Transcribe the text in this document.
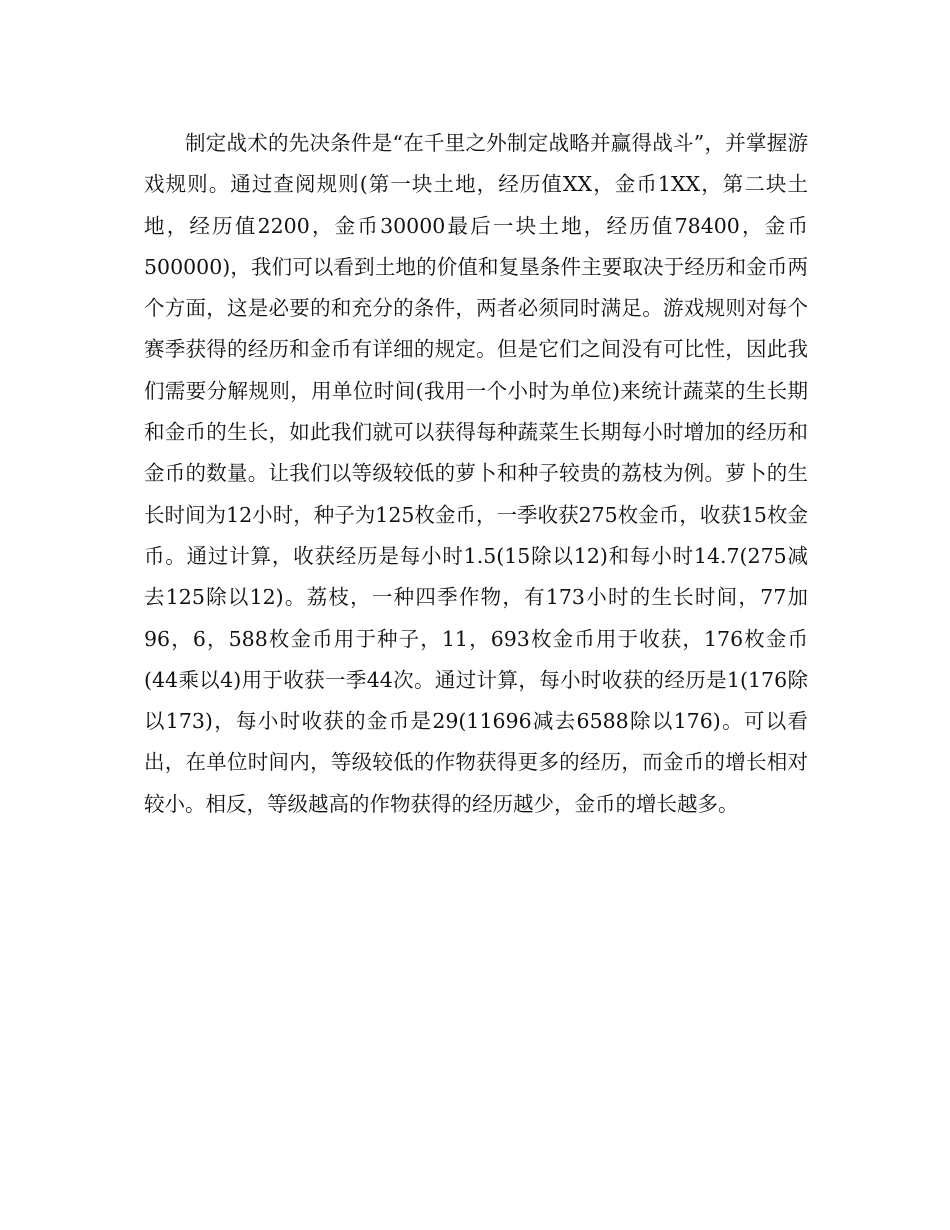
制定战术的先决条件是“在千里之外制定战略并赢得战斗”，并掌握游戏规则。通过查阅规则(第一块土地，经历值XX，金币1XX，第二块土地，经历值2200，金币30000最后一块土地，经历值78400，金币500000)，我们可以看到土地的价值和复垦条件主要取决于经历和金币两个方面，这是必要的和充分的条件，两者必须同时满足。游戏规则对每个赛季获得的经历和金币有详细的规定。但是它们之间没有可比性，因此我们需要分解规则，用单位时间(我用一个小时为单位)来统计蔬菜的生长期和金币的生长，如此我们就可以获得每种蔬菜生长期每小时增加的经历和金币的数量。让我们以等级较低的萝卜和种子较贵的荔枝为例。萝卜的生长时间为12小时，种子为125枚金币，一季收获275枚金币，收获15枚金币。通过计算，收获经历是每小时1.5(15除以12)和每小时14.7(275减去125除以12)。荔枝，一种四季作物，有173小时的生长时间，77加96，6，588枚金币用于种子，11，693枚金币用于收获，176枚金币(44乘以4)用于收获一季44次。通过计算，每小时收获的经历是1(176除以173)，每小时收获的金币是29(11696减去6588除以176)。可以看出，在单位时间内，等级较低的作物获得更多的经历，而金币的增长相对较小。相反，等级越高的作物获得的经历越少，金币的增长越多。
